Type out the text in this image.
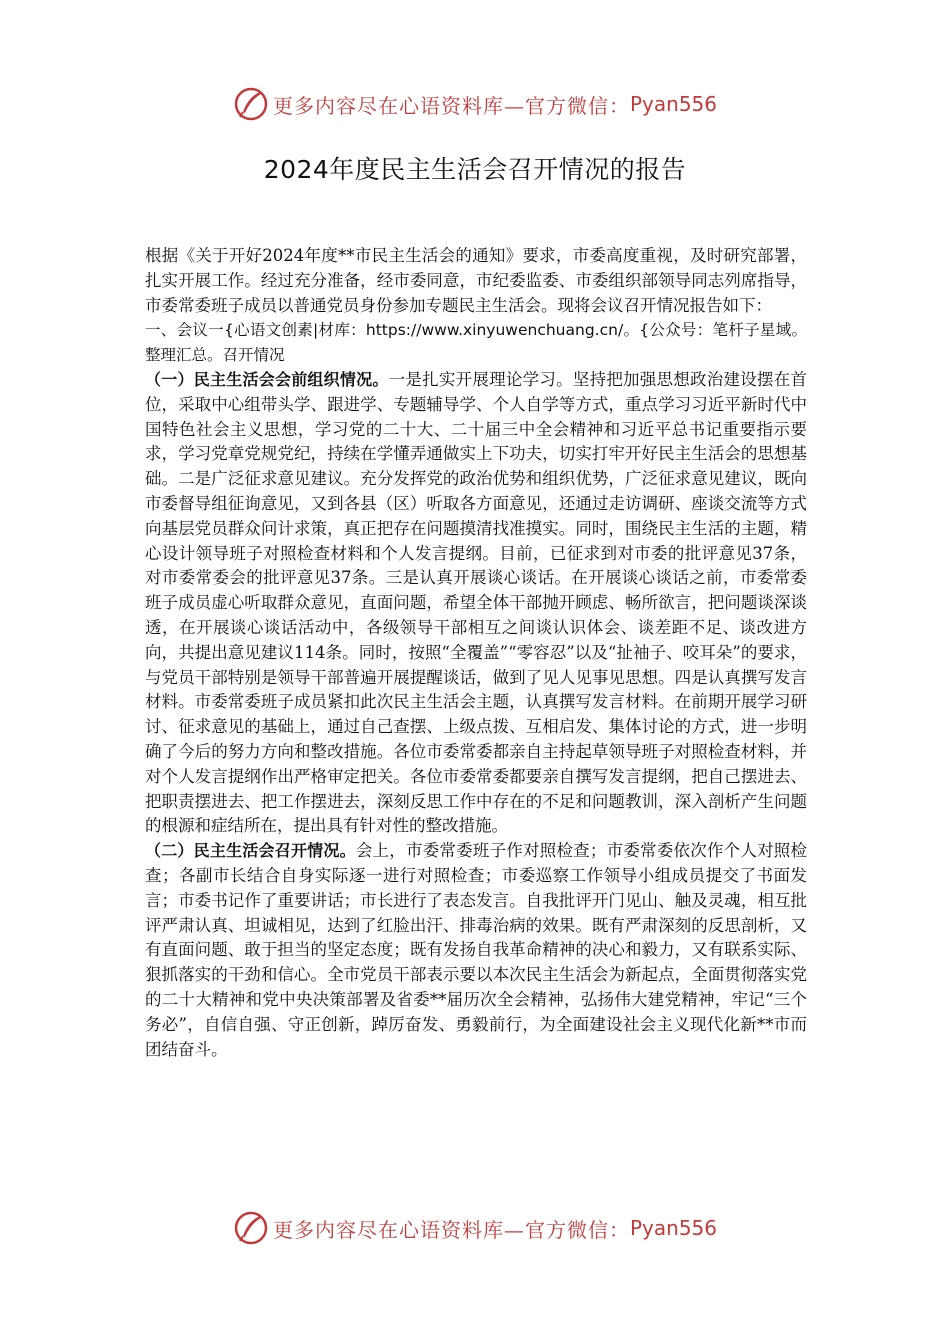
更多内容尽在心语资料库—官方微信： Pyan556
2024年度民主生活会召开情况的报告

根据《关于开好2024年度**市民主生活会的通知》要求，市委高度重视，及时研究部署，扎实开展工作。经过充分准备，经市委同意，市纪委监委、市委组织部领导同志列席指导，市委常委班子成员以普通党员身份参加专题民主生活会。现将会议召开情况报告如下：

一、会议一{心语文创素|材库：https://www.xinyuwenchuang.cn/。{公众号：笔杆子星域。整理汇总。召开情况

（一）民主生活会会前组织情况。一是扎实开展理论学习。坚持把加强思想政治建设摆在首位，采取中心组带头学、跟进学、专题辅导学、个人自学等方式，重点学习习近平新时代中国特色社会主义思想，学习党的二十大、二十届三中全会精神和习近平总书记重要指示要求，学习党章党规党纪，持续在学懂弄通做实上下功夫，切实打牢开好民主生活会的思想基础。二是广泛征求意见建议。充分发挥党的政治优势和组织优势，广泛征求意见建议，既向市委督导组征询意见，又到各县（区）听取各方面意见，还通过走访调研、座谈交流等方式向基层党员群众问计求策，真正把存在问题摸清找准摸实。同时，围绕民主生活的主题，精心设计领导班子对照检查材料和个人发言提纲。目前，已征求到对市委的批评意见37条，对市委常委会的批评意见37条。三是认真开展谈心谈话。在开展谈心谈话之前，市委常委班子成员虚心听取群众意见，直面问题，希望全体干部抛开顾虑、畅所欲言，把问题谈深谈透，在开展谈心谈话活动中，各级领导干部相互之间谈认识体会、谈差距不足、谈改进方向，共提出意见建议114条。同时，按照“全覆盖”“零容忍”以及“扯袖子、咬耳朵”的要求，与党员干部特别是领导干部普遍开展提醒谈话，做到了见人见事见思想。四是认真撰写发言材料。市委常委班子成员紧扣此次民主生活会主题，认真撰写发言材料。在前期开展学习研讨、征求意见的基础上，通过自己查摆、上级点拨、互相启发、集体讨论的方式，进一步明确了今后的努力方向和整改措施。各位市委常委都亲自主持起草领导班子对照检查材料，并对个人发言提纲作出严格审定把关。各位市委常委都要亲自撰写发言提纲，把自己摆进去、把职责摆进去、把工作摆进去，深刻反思工作中存在的不足和问题教训，深入剖析产生问题的根源和症结所在，提出具有针对性的整改措施。

（二）民主生活会召开情况。会上，市委常委班子作对照检查；市委常委依次作个人对照检查；各副市长结合自身实际逐一进行对照检查；市委巡察工作领导小组成员提交了书面发言；市委书记作了重要讲话；市长进行了表态发言。自我批评开门见山、触及灵魂，相互批评严肃认真、坦诚相见，达到了红脸出汗、排毒治病的效果。既有严肃深刻的反思剖析，又有直面问题、敢于担当的坚定态度；既有发扬自我革命精神的决心和毅力，又有联系实际、狠抓落实的干劲和信心。全市党员干部表示要以本次民主生活会为新起点，全面贯彻落实党的二十大精神和党中央决策部署及省委**届历次全会精神，弘扬伟大建党精神，牢记“三个务必”，自信自强、守正创新，踔厉奋发、勇毅前行，为全面建设社会主义现代化新**市而团结奋斗。

更多内容尽在心语资料库—官方微信： Pyan556
